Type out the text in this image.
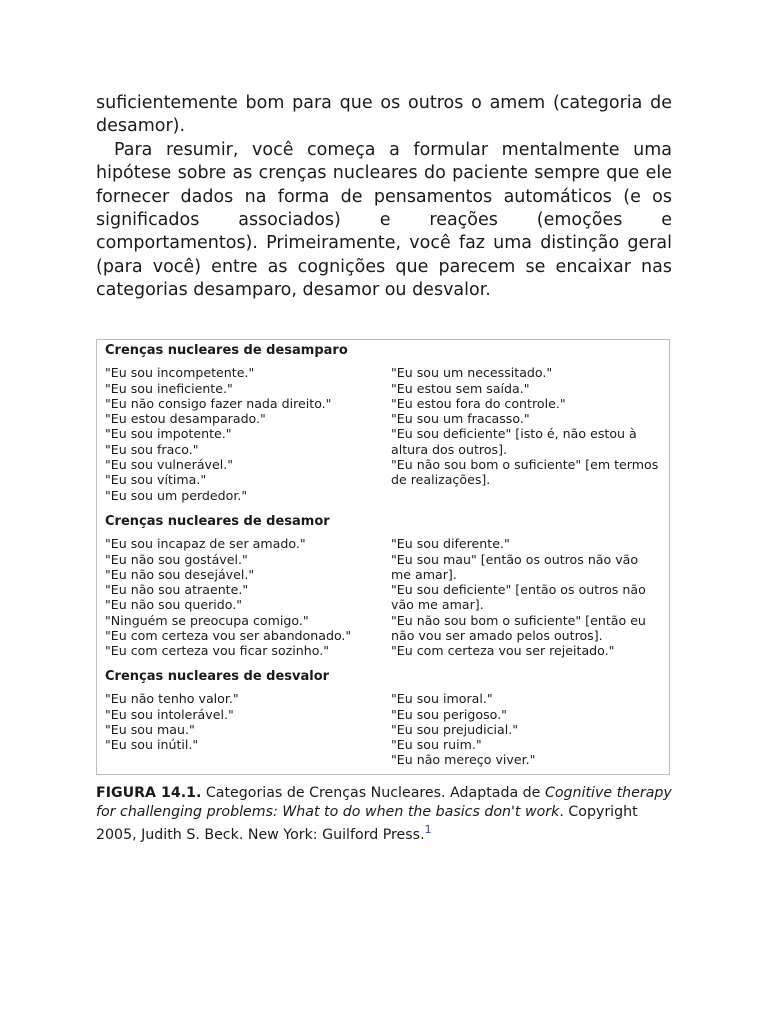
suficientemente bom para que os outros o amem (categoria de desamor).

Para resumir, você começa a formular mentalmente uma hipótese sobre as crenças nucleares do paciente sempre que ele fornecer dados na forma de pensamentos automáticos (e os significados associados) e reações (emoções e comportamentos). Primeiramente, você faz uma distinção geral (para você) entre as cognições que parecem se encaixar nas categorias desamparo, desamor ou desvalor.

Crenças nucleares de desamparo

"Eu sou incompetente."
"Eu sou ineficiente."
"Eu não consigo fazer nada direito."
"Eu estou desamparado."
"Eu sou impotente."
"Eu sou fraco."
"Eu sou vulnerável."
"Eu sou vítima."
"Eu sou um perdedor."
"Eu sou um necessitado."
"Eu estou sem saída."
"Eu estou fora do controle."
"Eu sou um fracasso."
"Eu sou deficiente" [isto é, não estou à altura dos outros].
"Eu não sou bom o suficiente" [em termos de realizações].

Crenças nucleares de desamor

"Eu sou incapaz de ser amado."
"Eu não sou gostável."
"Eu não sou desejável."
"Eu não sou atraente."
"Eu não sou querido."
"Ninguém se preocupa comigo."
"Eu com certeza vou ser abandonado."
"Eu com certeza vou ficar sozinho."
"Eu sou diferente."
"Eu sou mau" [então os outros não vão me amar].
"Eu sou deficiente" [então os outros não vão me amar].
"Eu não sou bom o suficiente" [então eu não vou ser amado pelos outros].
"Eu com certeza vou ser rejeitado."

Crenças nucleares de desvalor

"Eu não tenho valor."
"Eu sou intolerável."
"Eu sou mau."
"Eu sou inútil."
"Eu sou imoral."
"Eu sou perigoso."
"Eu sou prejudicial."
"Eu sou ruim."
"Eu não mereço viver."

FIGURA 14.1. Categorias de Crenças Nucleares. Adaptada de Cognitive therapy for challenging problems: What to do when the basics don't work. Copyright 2005, Judith S. Beck. New York: Guilford Press.$^1$
